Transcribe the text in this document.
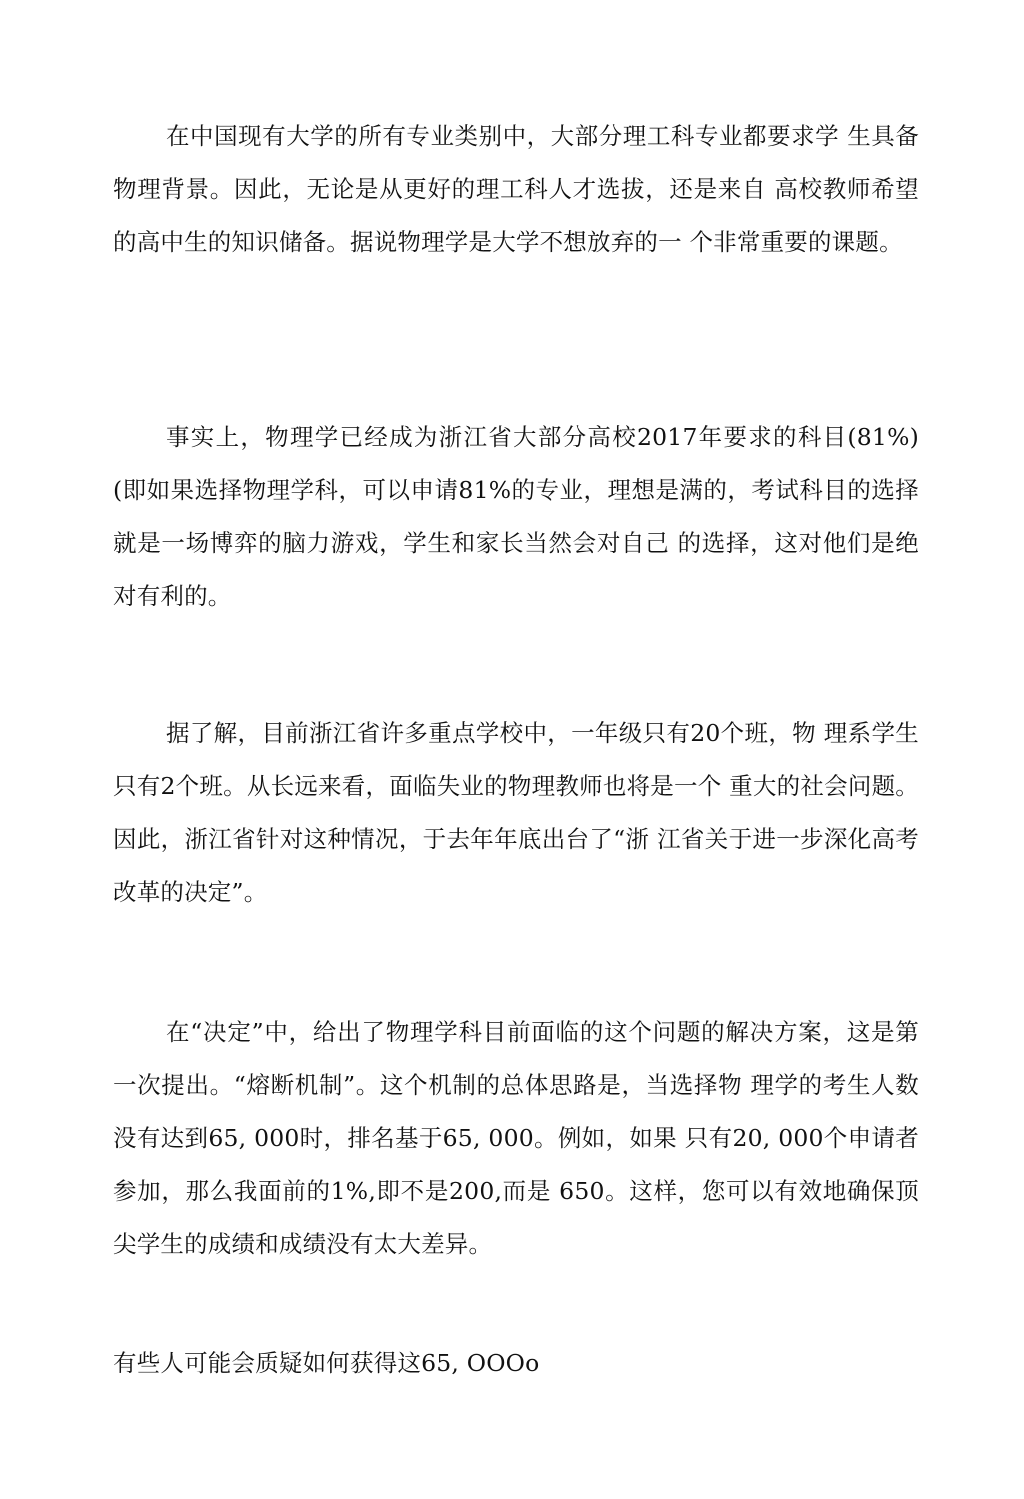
在中国现有大学的所有专业类别中，大部分理工科专业都要求学 生具备物理背景。因此，无论是从更好的理工科人才选拔，还是来自 高校教师希望的高中生的知识储备。据说物理学是大学不想放弃的一 个非常重要的课题。

事实上，物理学已经成为浙江省大部分高校2017年要求的科目(81%)(即如果选择物理学科，可以申请81%的专业，理想是满的，考试科目的选择就是一场博弈的脑力游戏，学生和家长当然会对自己 的选择，这对他们是绝对有利的。

据了解，目前浙江省许多重点学校中，一年级只有20个班，物 理系学生只有2个班。从长远来看，面临失业的物理教师也将是一个 重大的社会问题。因此，浙江省针对这种情况，于去年年底出台了“浙 江省关于进一步深化高考改革的决定”。

在“决定”中，给出了物理学科目前面临的这个问题的解决方案，这是第一次提出。“熔断机制”。这个机制的总体思路是，当选择物 理学的考生人数没有达到65, 000时，排名基于65, 000。例如，如果 只有20, 000个申请者参加，那么我面前的1%,即不是200,而是 650。这样，您可以有效地确保顶尖学生的成绩和成绩没有太大差异。

有些人可能会质疑如何获得这65, OOOo
